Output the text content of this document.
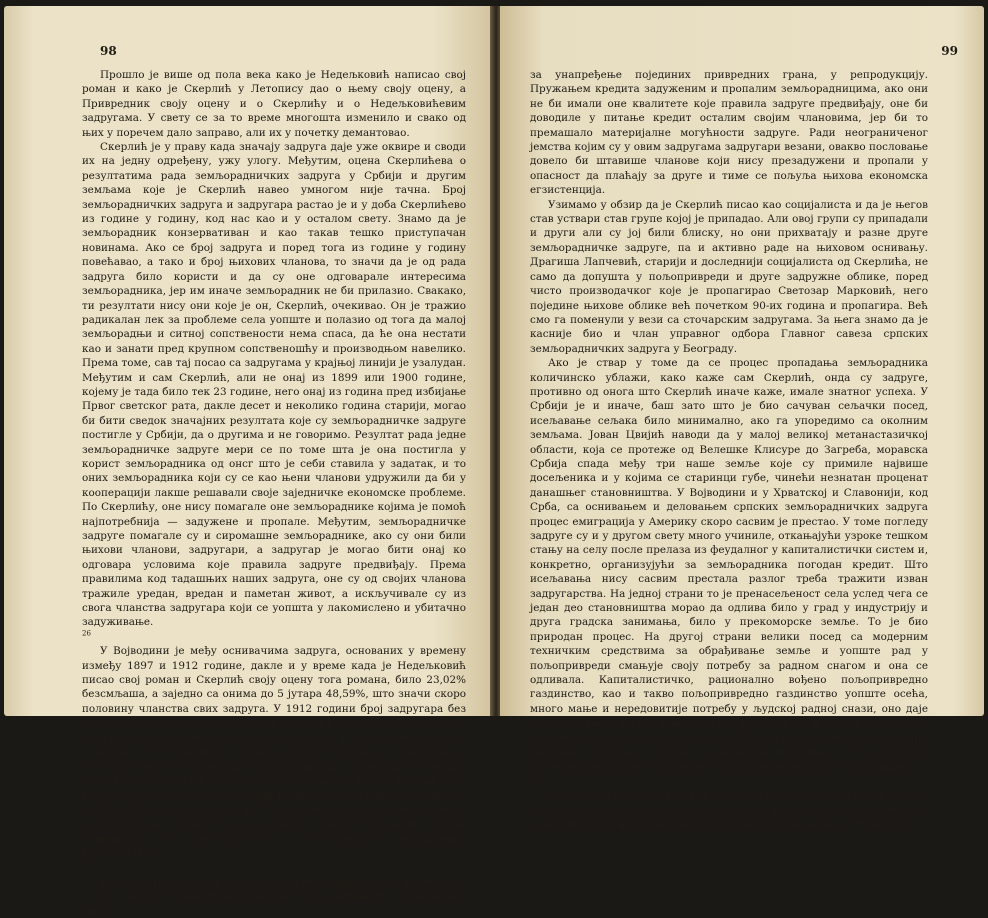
98

Прошло је више од пола века како је Недељковић написао свој роман и како је Скерлић у Летопису дао о њему своју оцену, а Привредник своју оцену и о Скерлићу и о Недељковићевим задругама. У свету се за то време многошта изменило и свако од њих у поречем дало заправо, али их у почетку демантовао.

Скерлић је у праву када значају задруга даје уже оквире и своди их на једну одређену, ужу улогу. Међутим, оцена Скерлићева о резултатима рада земљорадничких задруга у Србији и другим земљама које је Скерлић навео умногом није тачна. Број земљорадничких задруга и задругара растао је и у доба Скерлићево из године у годину, код нас као и у осталом свету. Знамо да је земљорадник конзервативан и као такав тешко приступачан новинама. Ако се број задруга и поред тога из године у годину повећавао, а тако и број њихових чланова, то значи да је од рада задруга било користи и да су оне одговарале интересима земљорадника, јер им иначе земљорадник не би прилазио. Свакако, ти резултати нису они које је он, Скерлић, очекивао. Он је тражио радикалан лек за проблеме села уопште и полазио од тога да малој земљорадњи и ситној сопствености нема спаса, да ће она нестати као и занати пред крупном сопственошћу и производњом навелико. Према томе, сав тај посао са задругама у крајњој линији је узалудан. Међутим и сам Скерлић, али не онај из 1899 или 1900 године, којему је тада било тек 23 године, него онај из година пред избијање Првог светског рата, дакле десет и неколико година старији, могао би бити сведок значајних резултата које су земљорадничке задруге постигле у Србији, да о другима и не говоримо. Резултат рада једне земљорадничке задруге мери се по томе шта је она постигла у корист земљорадника од онсг што је себи ставила у задатак, и то оних земљорадника који су се као њени чланови удружили да би у кооперацији лакше решавали своје заједничке економске проблеме. По Скерлићу, оне нису помагале оне земљораднике којима је помоћ најпотребнија — задужене и пропале. Међутим, земљорадничке задруге помагале су и сиромашне земљораднике, ако су они били њихови чланови, задругари, а задругар је могао бити онај ко одговара условима које правила задруге предвиђају. Према правилима код тадашњих наших задруга, оне су од својих чланова тражиле уредан, вредан и паметан живот, а искључивале су из свога чланства задругара који се уопшта у лакомислено и убитачно задуживање.

$^{26}$

У Војводини је међу оснивачима задруга, основаних у времену између 1897 и 1912 године, дакле и у време када је Недељковић писао свој роман и Скерлић своју оцену тога романа, било 23,02% безсмљаша, а заједно са онима до 5 јутара 48,59%, што значи скоро половину чланства свих задруга. У 1912 години број задругара без земље износи 22,81%, нешто мање него ли у време оснивања, али је зато њихов број са онима до 5 јутара скоро за 10% већи него у време оснивања. То се види и из броја издатих зајмова у задругама и њиховог износа. У српским земљорадничким задругама у бившој Угарској, укључујући и Хрватску и Славонију, према подацима за 1912 годину, број зајмова из три најниже категорије, у висини до укупно 200 круна, износио је 75,49% свих зајмова. Ово би могло послужити као доказ да су средства задруга се више од 3/4 коришћена за ситне потребе и за потребе сиромашнијих газдинстава.

$^{27}$

Као кредитне задруге оне су пружале кредите својим члановима, а као задруге Рајфајзенова типа оне су их пружале у производне сврхе,

99

за унапређење појединих привредних грана, у репродукцију. Пружањем кредита задуженим и пропалим земљорадницима, ако они не би имали оне квалитете које правила задруге предвиђају, оне би доводиле у питање кредит осталим својим члановима, јер би то премашало материјалне могућности задруге. Ради неограниченог јемства којим су у овим задругама задругари везани, овакво пословање довело би штавише чланове који нису презадужени и пропали у опасност да плаћају за друге и тиме се пољуља њихова економска егзистенција.

Узимамо у обзир да је Скерлић писао као социјалиста и да је његов став уствари став групе којој је припадао. Али овој групи су припадали и други али су јој били блиску, но они прихватају и разне друге земљорадничке задруге, па и активно раде на њиховом оснивању. Драгиша Лапчевић, старији и доследнији социјалиста од Скерлића, не само да допушта у пољопривреди и друге задружне облике, поред чисто производачког које је пропагирао Светозар Марковић, него поједине њихове облике већ почетком 90-их година и пропагира. Већ смо га поменули у вези са сточарским задругама. За њега знамо да је касније био и члан управног одбора Главног савеза српских земљорадничких задруга у Београду.

Ако је ствар у томе да се процес пропадања земљорадника количинскo ублажи, како каже сам Скерлић, онда су задруге, противно од онога што Скерлић иначе каже, имале знатног успеха. У Србији је и иначе, баш зато што је био сачуван сељачки посед, исељавање сељака било минимално, ако га упоредимо са околним земљама. Јован Цвијић наводи да у малој великој метанастазичкој области, која се протеже од Велешке Клисуре до Загреба, моравска Србија спада међу три наше земље које су примиле највише досељеника и у којима се старинци губе, чинећи незнатан проценат данашњег становништва. У Војводини и у Хрватској и Славонији, код Срба, са оснивањем и деловањем српских земљорадничких задруга процес емиграција у Америку скоро сасвим је престао. У томе погледу задруге су и у другом свету много учиниле, откањајући узроке тешком стању на селу после прелаза из феудалног у капиталистички систем и, конкретно, организујући за земљорадника погодан кредит. Што исељавања нису сасвим престала разлог треба тражити изван задругарства. На једној страни то је пренасељеност села услед чега се један део становништва морао да одлива било у град у индустрију и друга градска занимања, било у прекоморске земље. То је био природан процес. На другој страни велики посед са модерним техничким средствима за обрађивање земље и уопште рад у пољопривреди смањује своју потребу за радном снагом и она се одливала. Капиталистичко, рационално вођено пољопривредно газдинство, као и такво пољопривредно газдинство уопште осећа, много мање и нередовитије потребу у људској радној снази, оно даје редовног рада много мањем броју руку, па је и услед тога одлив излишних руку са села природан. Није дакле случајно што су на пр. ондашња Угарска и Ирска са великим поседима, а без довољно развијене индустрије, имале сразмерно висок проценат емиграција.

$^{27}$

Да је Скерлић доживео 1917 и послератне године био би сведок распадања крупног поседа у земљорадњи, које је наступило у вези са решавањем аграрног питања у низу земаља па и код нас. Решавању
